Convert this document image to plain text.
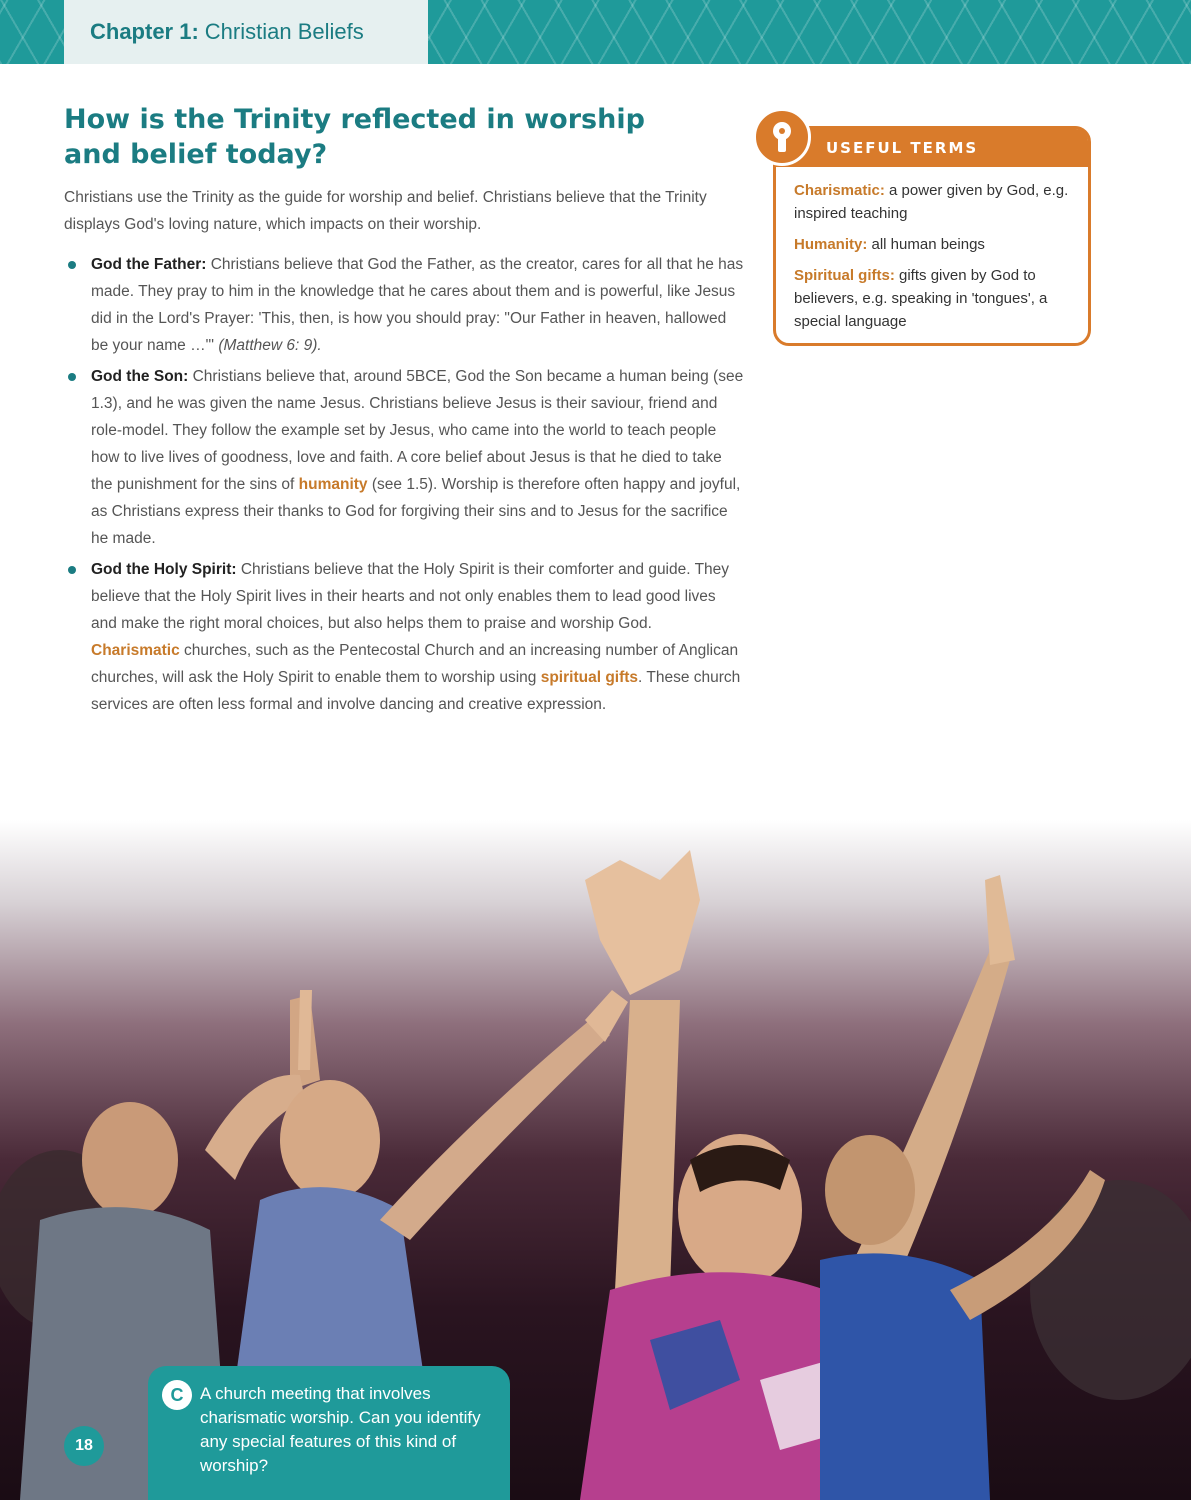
Chapter 1: Christian Beliefs
How is the Trinity reflected in worship and belief today?

Christians use the Trinity as the guide for worship and belief. Christians believe that the Trinity displays God's loving nature, which impacts on their worship.

God the Father: Christians believe that God the Father, as the creator, cares for all that he has made. They pray to him in the knowledge that he cares about them and is powerful, like Jesus did in the Lord's Prayer: 'This, then, is how you should pray: "Our Father in heaven, hallowed be your name …"' (Matthew 6: 9).
God the Son: Christians believe that, around 5BCE, God the Son became a human being (see 1.3), and he was given the name Jesus. Christians believe Jesus is their saviour, friend and role-model. They follow the example set by Jesus, who came into the world to teach people how to live lives of goodness, love and faith. A core belief about Jesus is that he died to take the punishment for the sins of humanity (see 1.5). Worship is therefore often happy and joyful, as Christians express their thanks to God for forgiving their sins and to Jesus for the sacrifice he made.
God the Holy Spirit: Christians believe that the Holy Spirit is their comforter and guide. They believe that the Holy Spirit lives in their hearts and not only enables them to lead good lives and make the right moral choices, but also helps them to praise and worship God. Charismatic churches, such as the Pentecostal Church and an increasing number of Anglican churches, will ask the Holy Spirit to enable them to worship using spiritual gifts. These church services are often less formal and involve dancing and creative expression.
USEFUL TERMS
Charismatic: a power given by God, e.g. inspired teaching
Humanity: all human beings
Spiritual gifts: gifts given by God to believers, e.g. speaking in 'tongues', a special language
C A church meeting that involves charismatic worship. Can you identify any special features of this kind of worship?

18
